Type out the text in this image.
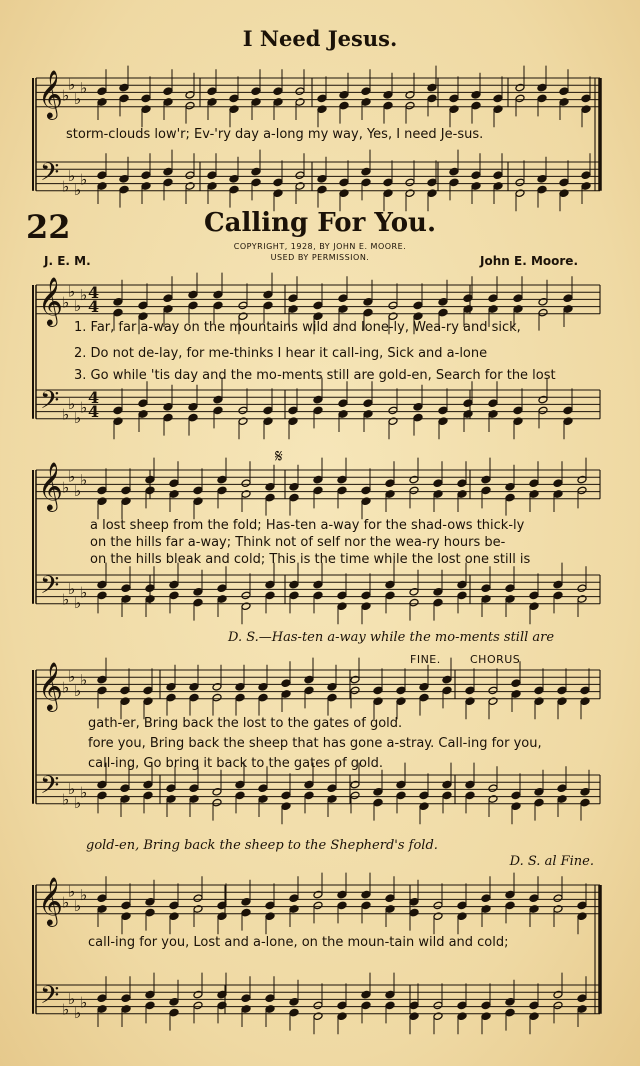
𝄞
𝄢
♭
♭
♭
♭
♭
♭
♭
♭
𝄞
𝄢
♭
♭
♭
♭
♭
♭
♭
♭
4
4
4
4
𝄞
𝄢
♭
♭
♭
♭
♭
♭
♭
♭
𝄋
𝄞
𝄢
♭
♭
♭
♭
♭
♭
♭
♭
𝄞
𝄢
♭
♭
♭
♭
♭
♭
♭
♭
I Need Jesus.
storm-clouds low'r; Ev-'ry day a-long my way, Yes, I need Je-sus.
22	Calling For You.
COPYRIGHT, 1928, BY JOHN E. MOORE.
USED BY PERMISSION.
J. E. M.	John E. Moore.
1. Far, far a-way on the mountains wild and lone-ly, Wea-ry and sick,
2. Do not de-lay, for me-thinks I hear it call-ing, Sick and a-lone
3. Go while 'tis day and the mo-ments still are gold-en, Search for the lost
a lost sheep from the fold; Has-ten a-way for the shad-ows thick-ly
on the hills far a-way; Think not of self nor the wea-ry hours be-
on the hills bleak and cold; This is the time while the lost one still is
D. S.—Has-ten a-way while the mo-ments still are
FINE.	CHORUS
gath-er, Bring back the lost to the gates of gold.
fore you, Bring back the sheep that has gone a-stray. Call-ing for you,
call-ing, Go bring it back to the gates of gold.
gold-en, Bring back the sheep to the Shepherd's fold.
D. S. al Fine.
call-ing for you, Lost and a-lone, on the moun-tain wild and cold;
